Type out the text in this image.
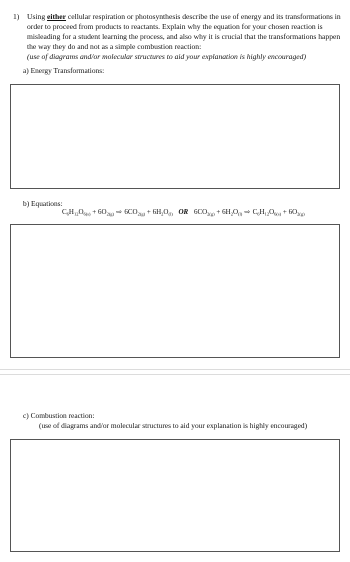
1) Using either cellular respiration or photosynthesis describe the use of energy and its transformations in order to proceed from products to reactants. Explain why the equation for your chosen reaction is misleading for a student learning the process, and also why it is crucial that the transformations happen the way they do and not as a simple combustion reaction:
(use of diagrams and/or molecular structures to aid your explanation is highly encouraged)
a) Energy Transformations:
b) Equations:
$C_6H_{12}O_{6(s)} + 6O_{2(g)}$ ⇨ $6CO_{2(g)} + 6H_2O_{(l)}$ OR $6CO_{2(g)} + 6H_2O_{(l)}$ ⇨ $C_6H_{12}O_{6(s)} + 6O_{2(g)}$
c) Combustion reaction:
(use of diagrams and/or molecular structures to aid your explanation is highly encouraged)
